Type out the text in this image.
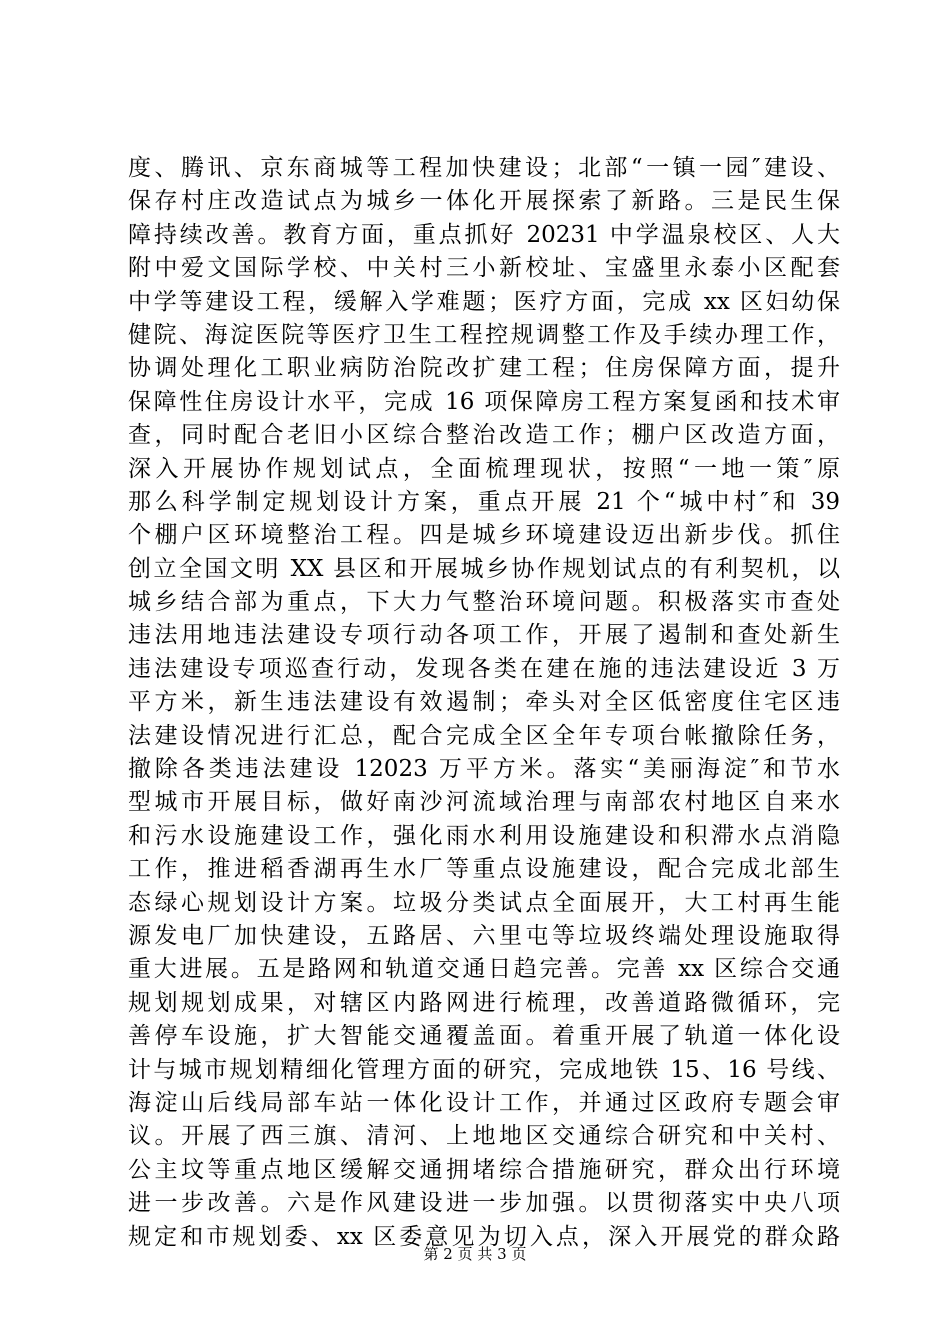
度、腾讯、京东商城等工程加快建设；北部“一镇一园″建设、
保存村庄改造试点为城乡一体化开展探索了新路。三是民生保
障持续改善。教育方面，重点抓好 20231 中学温泉校区、人大
附中爱文国际学校、中关村三小新校址、宝盛里永泰小区配套
中学等建设工程，缓解入学难题；医疗方面，完成 xx 区妇幼保
健院、海淀医院等医疗卫生工程控规调整工作及手续办理工作，
协调处理化工职业病防治院改扩建工程；住房保障方面，提升
保障性住房设计水平，完成 16 项保障房工程方案复函和技术审
查，同时配合老旧小区综合整治改造工作；棚户区改造方面，
深入开展协作规划试点，全面梳理现状，按照“一地一策″原
那么科学制定规划设计方案，重点开展 21 个“城中村″和 39
个棚户区环境整治工程。四是城乡环境建设迈出新步伐。抓住
创立全国文明 XX 县区和开展城乡协作规划试点的有利契机，以
城乡结合部为重点，下大力气整治环境问题。积极落实市查处
违法用地违法建设专项行动各项工作，开展了遏制和查处新生
违法建设专项巡查行动，发现各类在建在施的违法建设近 3 万
平方米，新生违法建设有效遏制；牵头对全区低密度住宅区违
法建设情况进行汇总，配合完成全区全年专项台帐撤除任务，
撤除各类违法建设 12023 万平方米。落实“美丽海淀″和节水
型城市开展目标，做好南沙河流域治理与南部农村地区自来水
和污水设施建设工作，强化雨水利用设施建设和积滞水点消隐
工作，推进稻香湖再生水厂等重点设施建设，配合完成北部生
态绿心规划设计方案。垃圾分类试点全面展开，大工村再生能
源发电厂加快建设，五路居、六里屯等垃圾终端处理设施取得
重大进展。五是路网和轨道交通日趋完善。完善 xx 区综合交通
规划规划成果，对辖区内路网进行梳理，改善道路微循环，完
善停车设施，扩大智能交通覆盖面。着重开展了轨道一体化设
计与城市规划精细化管理方面的研究，完成地铁 15、16 号线、
海淀山后线局部车站一体化设计工作，并通过区政府专题会审
议。开展了西三旗、清河、上地地区交通综合研究和中关村、
公主坟等重点地区缓解交通拥堵综合措施研究，群众出行环境
进一步改善。六是作风建设进一步加强。以贯彻落实中央八项
规定和市规划委、xx 区委意见为切入点，深入开展党的群众路
第 2 页 共 3 页
